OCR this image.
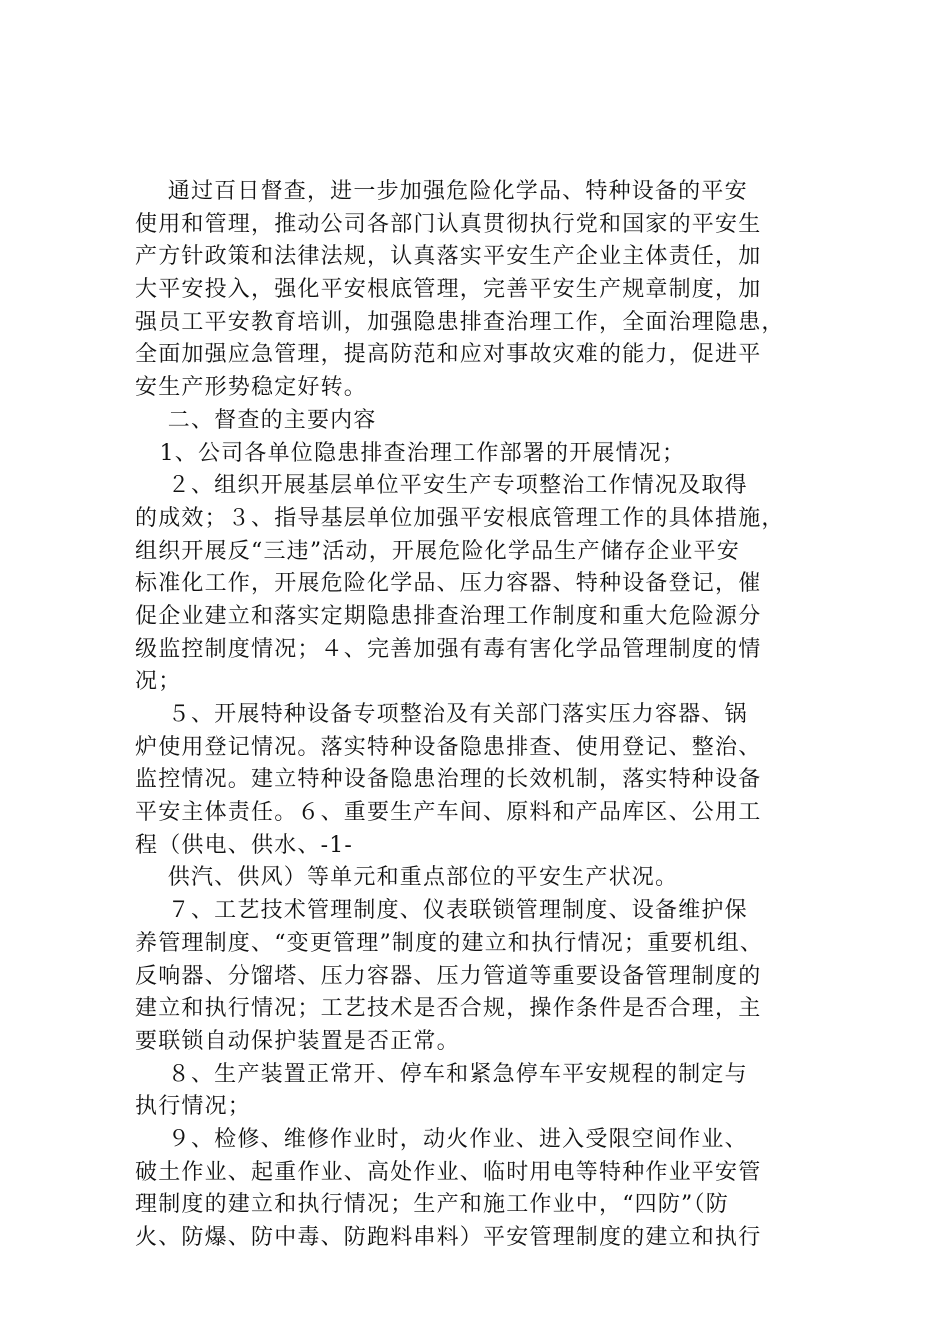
通过百日督查，进一步加强危险化学品、特种设备的平安
使用和管理，推动公司各部门认真贯彻执行党和国家的平安生
产方针政策和法律法规，认真落实平安生产企业主体责任，加
大平安投入，强化平安根底管理，完善平安生产规章制度，加
强员工平安教育培训，加强隐患排查治理工作，全面治理隐患，
全面加强应急管理，提高防范和应对事故灾难的能力，促进平
安生产形势稳定好转。
二、督查的主要内容
1、公司各单位隐患排查治理工作部署的开展情况；
２、组织开展基层单位平安生产专项整治工作情况及取得
的成效；３、指导基层单位加强平安根底管理工作的具体措施，
组织开展反“三违”活动，开展危险化学品生产储存企业平安
标准化工作，开展危险化学品、压力容器、特种设备登记，催
促企业建立和落实定期隐患排查治理工作制度和重大危险源分
级监控制度情况；４、完善加强有毒有害化学品管理制度的情
况；
５、开展特种设备专项整治及有关部门落实压力容器、锅
炉使用登记情况。落实特种设备隐患排查、使用登记、整治、
监控情况。建立特种设备隐患治理的长效机制，落实特种设备
平安主体责任。６、重要生产车间、原料和产品库区、公用工
程（供电、供水、-1-
供汽、供风）等单元和重点部位的平安生产状况。
７、工艺技术管理制度、仪表联锁管理制度、设备维护保
养管理制度、“变更管理”制度的建立和执行情况；重要机组、
反响器、分馏塔、压力容器、压力管道等重要设备管理制度的
建立和执行情况；工艺技术是否合规，操作条件是否合理，主
要联锁自动保护装置是否正常。
８、生产装置正常开、停车和紧急停车平安规程的制定与
执行情况；
９、检修、维修作业时，动火作业、进入受限空间作业、
破土作业、起重作业、高处作业、临时用电等特种作业平安管
理制度的建立和执行情况；生产和施工作业中，“四防”（防
火、防爆、防中毒、防跑料串料）平安管理制度的建立和执行
